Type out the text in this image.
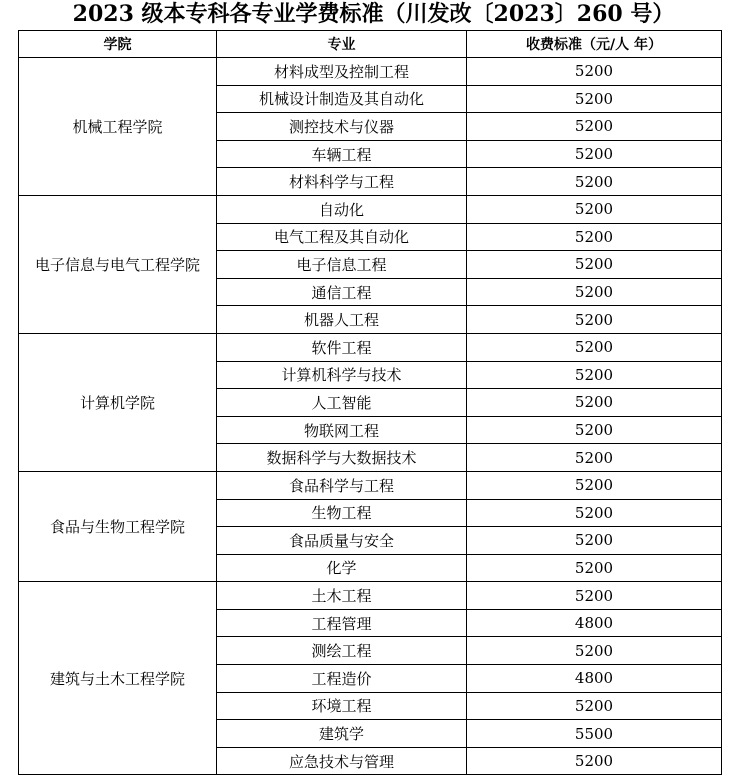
2023 级本专科各专业学费标准（川发改〔2023〕260 号）
学院	专业	收费标准（元/人 年）
机械工程学院	材料成型及控制工程	5200
	机械设计制造及其自动化	5200
	测控技术与仪器	5200
	车辆工程	5200
	材料科学与工程	5200
电子信息与电气工程学院	自动化	5200
	电气工程及其自动化	5200
	电子信息工程	5200
	通信工程	5200
	机器人工程	5200
计算机学院	软件工程	5200
	计算机科学与技术	5200
	人工智能	5200
	物联网工程	5200
	数据科学与大数据技术	5200
食品与生物工程学院	食品科学与工程	5200
	生物工程	5200
	食品质量与安全	5200
	化学	5200
建筑与土木工程学院	土木工程	5200
	工程管理	4800
	测绘工程	5200
	工程造价	4800
	环境工程	5200
	建筑学	5500
	应急技术与管理	5200
